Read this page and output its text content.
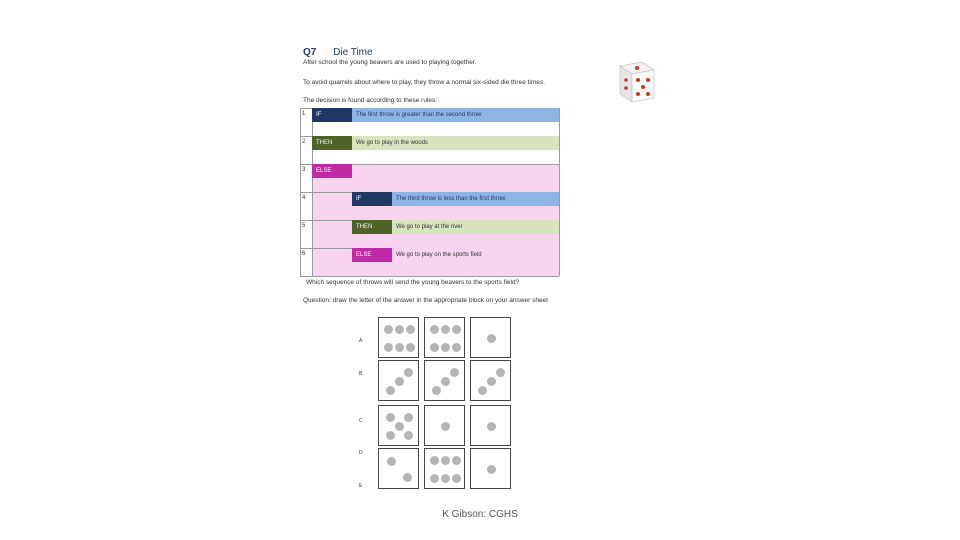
Q7 Die Time
After school the young beavers are used to playing together.
To avoid quarrels about where to play, they throw a normal six-sided die three times.
The decision is found according to these rules:
1	IF	The first throw is greater than the second throw
2	THEN	We go to play in the woods
3	ELSE
4	IF	The third throw is less than the first throw
5	THEN	We go to play at the river
6	ELSE	We go to play on the sports field
Which sequence of throws will send the young beavers to the sports field?
Question: draw the letter of the answer in the appropriate block on your answer sheet
A
B
C
D
E
K Gibson: CGHS
